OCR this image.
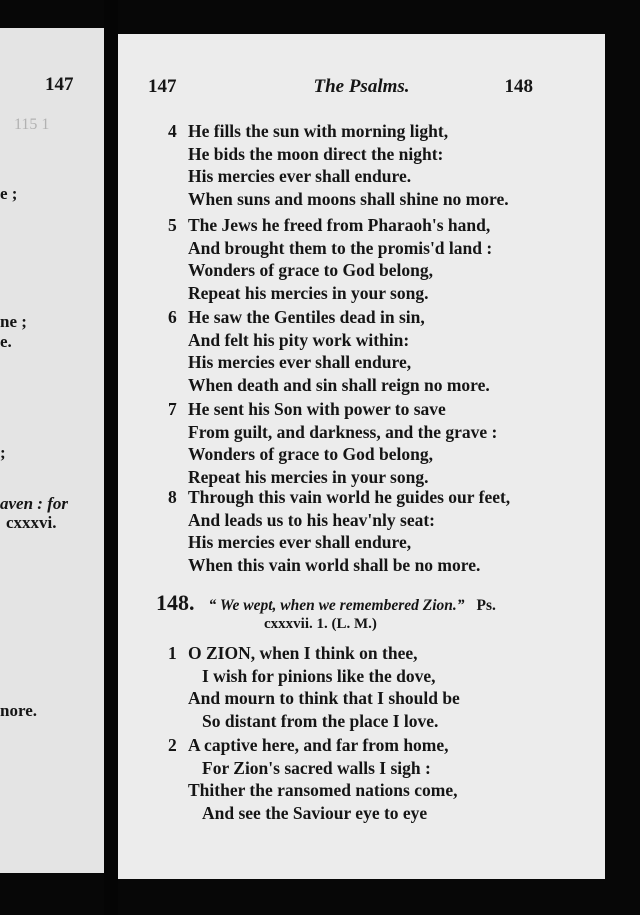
147
115 1
e ;
ne ;
e.
;
aven : for
cxxxvi.
nore.
The Psalms.
147	148
4 He fills the sun with morning light,
He bids the moon direct the night:
His mercies ever shall endure.
When suns and moons shall shine no more.
5 The Jews he freed from Pharaoh's hand,
And brought them to the promis'd land :
Wonders of grace to God belong,
Repeat his mercies in your song.
6 He saw the Gentiles dead in sin,
And felt his pity work within:
His mercies ever shall endure,
When death and sin shall reign no more.
7 He sent his Son with power to save
From guilt, and darkness, and the grave :
Wonders of grace to God belong,
Repeat his mercies in your song.
8 Through this vain world he guides our feet,
And leads us to his heav'nly seat:
His mercies ever shall endure,
When this vain world shall be no more.
148. “ We wept, when we remembered Zion.” Ps.
cxxxvii. 1. (L. M.)
1 O ZION, when I think on thee,
I wish for pinions like the dove,
And mourn to think that I should be
So distant from the place I love.
2 A captive here, and far from home,
For Zion's sacred walls I sigh :
Thither the ransomed nations come,
And see the Saviour eye to eye
